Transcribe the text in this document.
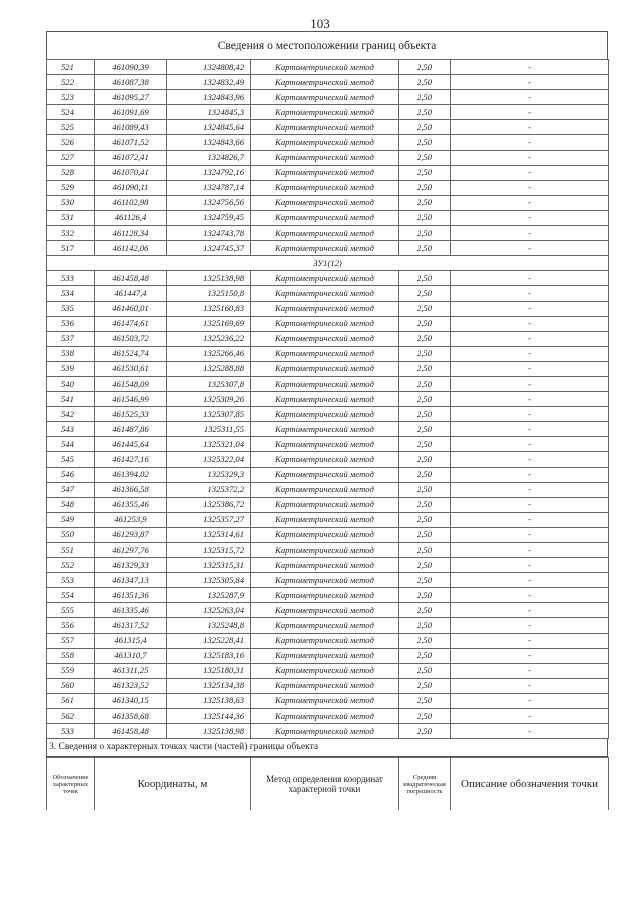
103
Сведения о местоположении границ объекта
521	461090,39	1324808,42	Картометрический метод	2,50	-
522	461087,38	1324832,49	Картометрический метод	2,50	-
523	461095,27	1324843,96	Картометрический метод	2,50	-
524	461091,69	1324845,3	Картометрический метод	2,50	-
525	461089,43	1324845,64	Картометрический метод	2,50	-
526	461071,52	1324843,66	Картометрический метод	2,50	-
527	461072,41	1324826,7	Картометрический метод	2,50	-
528	461070,41	1324792,16	Картометрический метод	2,50	-
529	461090,11	1324787,14	Картометрический метод	2,50	-
530	461102,98	1324756,56	Картометрический метод	2,50	-
531	461126,4	1324759,45	Картометрический метод	2,50	-
532	461128,34	1324743,78	Картометрический метод	2,50	-
517	461142,06	1324745,37	Картометрический метод	2,50	-
ЗУ1(12)					
533	461458,48	1325138,98	Картометрический метод	2,50	-
534	461447,4	1325150,8	Картометрический метод	2,50	-
535	461460,01	1325160,83	Картометрический метод	2,50	-
536	461474,61	1325169,69	Картометрический метод	2,50	-
537	461503,72	1325236,22	Картометрический метод	2,50	-
538	461524,74	1325266,46	Картометрический метод	2,50	-
539	461530,61	1325288,88	Картометрический метод	2,50	-
540	461548,09	1325307,8	Картометрический метод	2,50	-
541	461546,99	1325309,26	Картометрический метод	2,50	-
542	461525,33	1325307,85	Картометрический метод	2,50	-
543	461487,86	1325311,55	Картометрический метод	2,50	-
544	461445,64	1325321,04	Картометрический метод	2,50	-
545	461427,16	1325322,04	Картометрический метод	2,50	-
546	461394,02	1325329,3	Картометрический метод	2,50	-
547	461366,58	1325372,2	Картометрический метод	2,50	-
548	461355,46	1325386,72	Картометрический метод	2,50	-
549	461253,9	1325357,27	Картометрический метод	2,50	-
550	461293,87	1325314,61	Картометрический метод	2,50	-
551	461297,76	1325315,72	Картометрический метод	2,50	-
552	461329,33	1325315,31	Картометрический метод	2,50	-
553	461347,13	1325305,84	Картометрический метод	2,50	-
554	461351,36	1325287,9	Картометрический метод	2,50	-
555	461335,46	1325263,04	Картометрический метод	2,50	-
556	461317,52	1325248,8	Картометрический метод	2,50	-
557	461315,4	1325228,41	Картометрический метод	2,50	-
558	461310,7	1325183,16	Картометрический метод	2,50	-
559	461311,25	1325180,31	Картометрический метод	2,50	-
560	461323,52	1325134,38	Картометрический метод	2,50	-
561	461340,15	1325138,63	Картометрический метод	2,50	-
562	461358,68	1325144,36	Картометрический метод	2,50	-
533	461458,48	1325138,98	Картометрический метод	2,50	-
3. Сведения о характерных точках части (частей) границы объекта
Обозначение характерных точек	Координаты, м	Метод определения координат характерной точки	Средняя квадратическая погрешность	Описание обозначения точки
